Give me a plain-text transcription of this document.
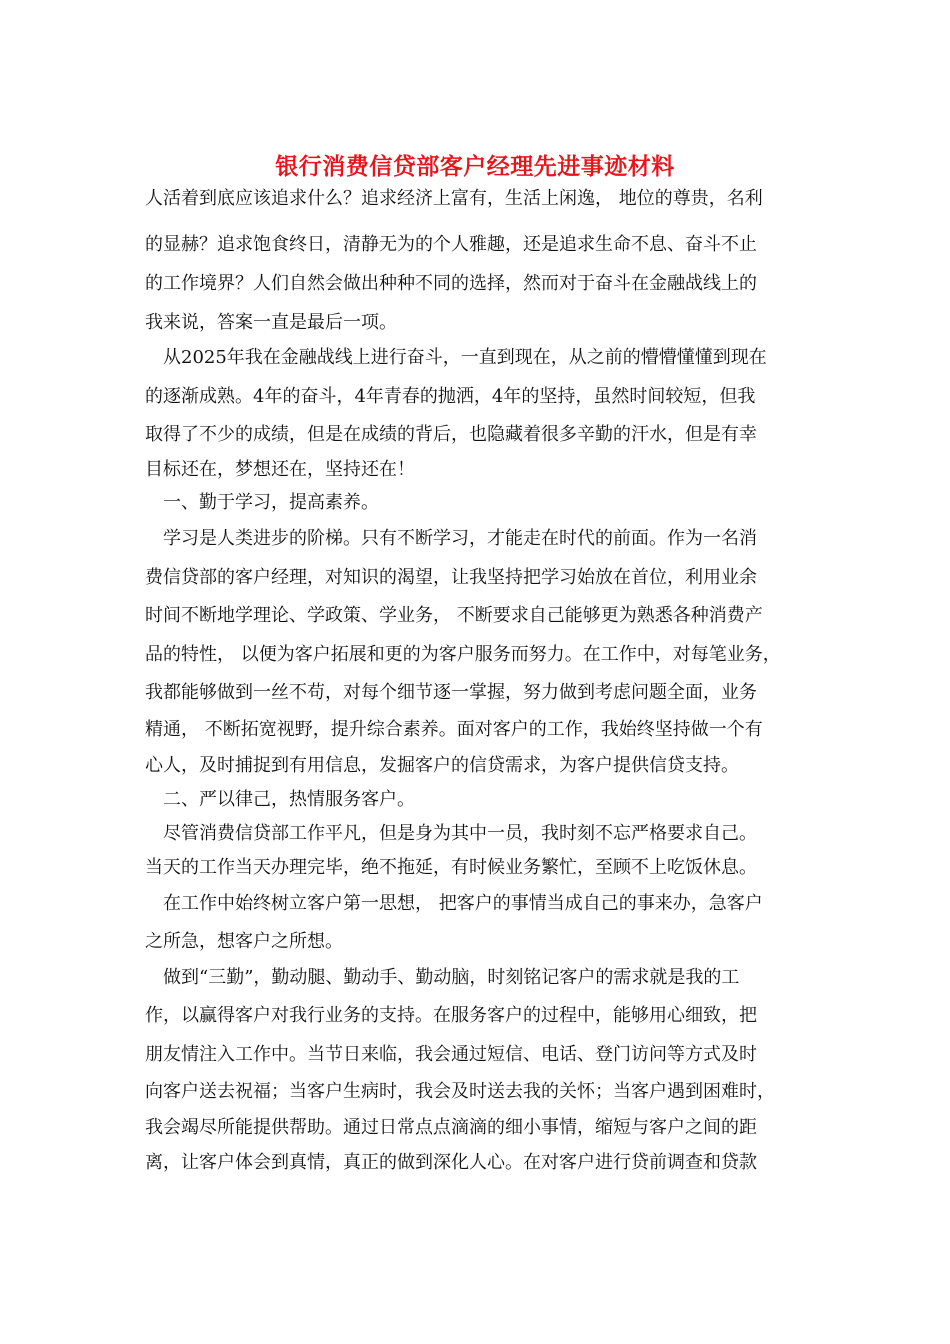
银行消费信贷部客户经理先进事迹材料
人活着到底应该追求什么？追求经济上富有，生活上闲逸， 地位的尊贵，名利
的显赫？追求饱食终日，清静无为的个人雅趣，还是追求生命不息、奋斗不止
的工作境界？人们自然会做出种种不同的选择，然而对于奋斗在金融战线上的
我来说，答案一直是最后一项。
从2025年我在金融战线上进行奋斗，一直到现在，从之前的懵懵懂懂到现在
的逐渐成熟。4年的奋斗，4年青春的抛洒，4年的坚持，虽然时间较短，但我
取得了不少的成绩，但是在成绩的背后，也隐藏着很多辛勤的汗水，但是有幸
目标还在，梦想还在，坚持还在！
一、勤于学习，提高素养。
学习是人类进步的阶梯。只有不断学习，才能走在时代的前面。作为一名消
费信贷部的客户经理，对知识的渴望，让我坚持把学习始放在首位，利用业余
时间不断地学理论、学政策、学业务， 不断要求自己能够更为熟悉各种消费产
品的特性， 以便为客户拓展和更的为客户服务而努力。在工作中，对每笔业务，
我都能够做到一丝不苟，对每个细节逐一掌握，努力做到考虑问题全面，业务
精通， 不断拓宽视野，提升综合素养。面对客户的工作，我始终坚持做一个有
心人，及时捕捉到有用信息，发掘客户的信贷需求，为客户提供信贷支持。
二、严以律己，热情服务客户。
尽管消费信贷部工作平凡，但是身为其中一员，我时刻不忘严格要求自己。
当天的工作当天办理完毕，绝不拖延，有时候业务繁忙，至顾不上吃饭休息。
在工作中始终树立客户第一思想， 把客户的事情当成自己的事来办，急客户
之所急，想客户之所想。
做到“三勤”，勤动腿、勤动手、勤动脑，时刻铭记客户的需求就是我的工
作，以赢得客户对我行业务的支持。在服务客户的过程中，能够用心细致，把
朋友情注入工作中。当节日来临，我会通过短信、电话、登门访问等方式及时
向客户送去祝福；当客户生病时，我会及时送去我的关怀；当客户遇到困难时，
我会竭尽所能提供帮助。通过日常点点滴滴的细小事情，缩短与客户之间的距
离，让客户体会到真情，真正的做到深化人心。在对客户进行贷前调查和贷款
